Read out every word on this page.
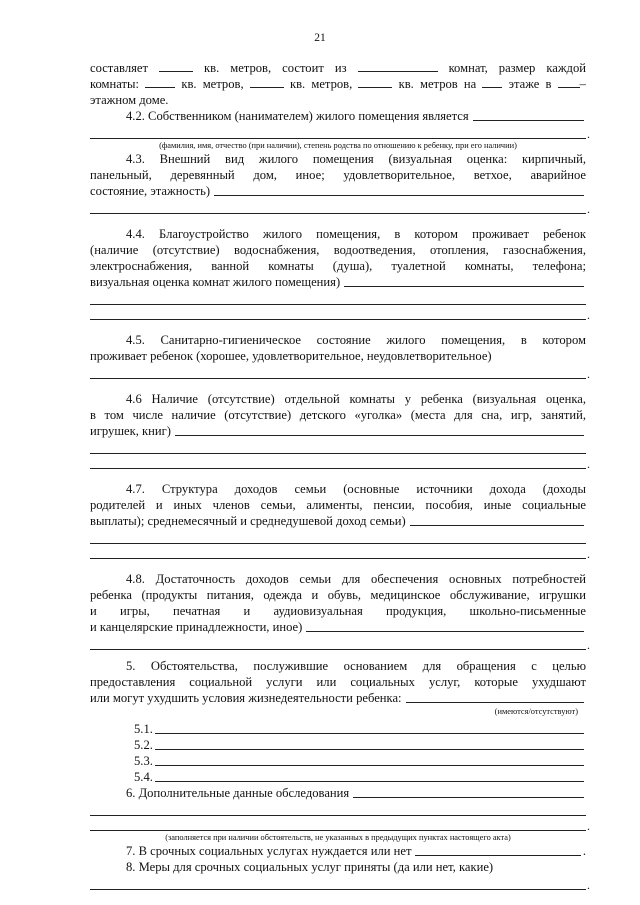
21

составляет	кв. метров, состоит из	комнат, размер каждой

комнаты:	кв. метров,	кв. метров,	кв. метров на	этаже в –

этажном доме.

4.2. Собственником (нанимателем) жилого помещения является
.

(фамилия, имя, отчество (при наличии), степень родства по отношению к ребенку, при его наличии)

4.3. Внешний вид жилого помещения (визуальная оценка: кирпичный,

панельный, деревянный дом, иное; удовлетворительное, ветхое, аварийное

состояние, этажность)
.

4.4. Благоустройство жилого помещения, в котором проживает ребенок

(наличие (отсутствие) водоснабжения, водоотведения, отопления, газоснабжения,

электроснабжения, ванной комнаты (душа), туалетной комнаты, телефона;

визуальная оценка комнат жилого помещения)
.

4.5. Санитарно-гигиеническое состояние жилого помещения, в котором

проживает ребенок (хорошее, удовлетворительное, неудовлетворительное)

.

4.6 Наличие (отсутствие) отдельной комнаты у ребенка (визуальная оценка,

в том числе наличие (отсутствие) детского «уголка» (места для сна, игр, занятий,

игрушек, книг)
.

4.7. Структура доходов семьи (основные источники дохода (доходы

родителей и иных членов семьи, алименты, пенсии, пособия, иные социальные

выплаты); среднемесячный и среднедушевой доход семьи)
.

4.8. Достаточность доходов семьи для обеспечения основных потребностей

ребенка (продукты питания, одежда и обувь, медицинское обслуживание, игрушки

и игры, печатная и аудиовизуальная продукция, школьно-письменные

и канцелярские принадлежности, иное)
.

5. Обстоятельства, послужившие основанием для обращения с целью

предоставления социальной услуги или социальных услуг, которые ухудшают

или могут ухудшить условия жизнедеятельности ребенка:

(имеются/отсутствуют)

5.1.
5.2.
5.3.
5.4.
6. Дополнительные данные обследования
.

(заполняется при наличии обстоятельств, не указанных в предыдущих пунктах настоящего акта)

7. В срочных социальных услугах нуждается или нет	.

8. Меры для срочных социальных услуг приняты (да или нет, какие)

.
